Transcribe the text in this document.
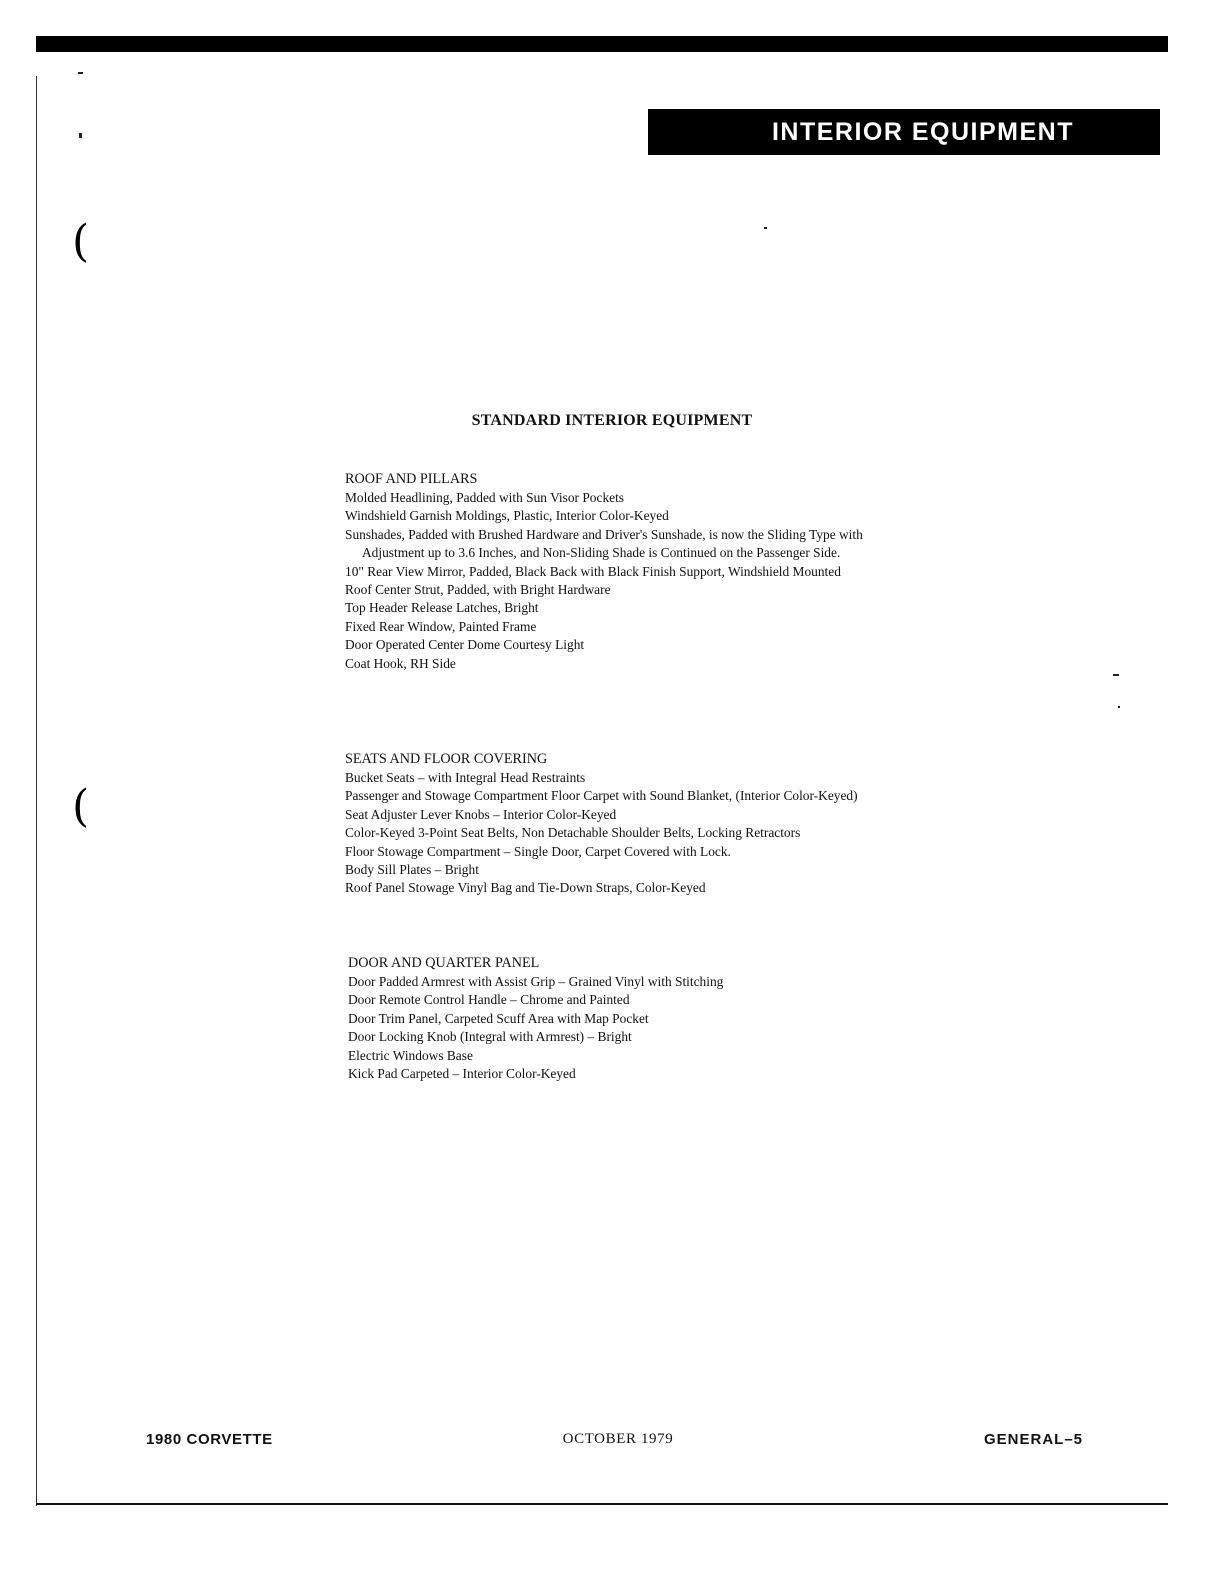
(
(
INTERIOR EQUIPMENT
STANDARD INTERIOR EQUIPMENT
ROOF AND PILLARS
Molded Headlining, Padded with Sun Visor Pockets
Windshield Garnish Moldings, Plastic, Interior Color-Keyed
Sunshades, Padded with Brushed Hardware and Driver's Sunshade, is now the Sliding Type with Adjustment up to 3.6 Inches, and Non-Sliding Shade is Continued on the Passenger Side.
10" Rear View Mirror, Padded, Black Back with Black Finish Support, Windshield Mounted
Roof Center Strut, Padded, with Bright Hardware
Top Header Release Latches, Bright
Fixed Rear Window, Painted Frame
Door Operated Center Dome Courtesy Light
Coat Hook, RH Side
SEATS AND FLOOR COVERING
Bucket Seats – with Integral Head Restraints
Passenger and Stowage Compartment Floor Carpet with Sound Blanket, (Interior Color-Keyed)
Seat Adjuster Lever Knobs – Interior Color-Keyed
Color-Keyed 3-Point Seat Belts, Non Detachable Shoulder Belts, Locking Retractors
Floor Stowage Compartment – Single Door, Carpet Covered with Lock.
Body Sill Plates – Bright
Roof Panel Stowage Vinyl Bag and Tie-Down Straps, Color-Keyed
DOOR AND QUARTER PANEL
Door Padded Armrest with Assist Grip – Grained Vinyl with Stitching
Door Remote Control Handle – Chrome and Painted
Door Trim Panel, Carpeted Scuff Area with Map Pocket
Door Locking Knob (Integral with Armrest) – Bright
Electric Windows Base
Kick Pad Carpeted – Interior Color-Keyed
1980 CORVETTE	OCTOBER 1979	GENERAL–5
